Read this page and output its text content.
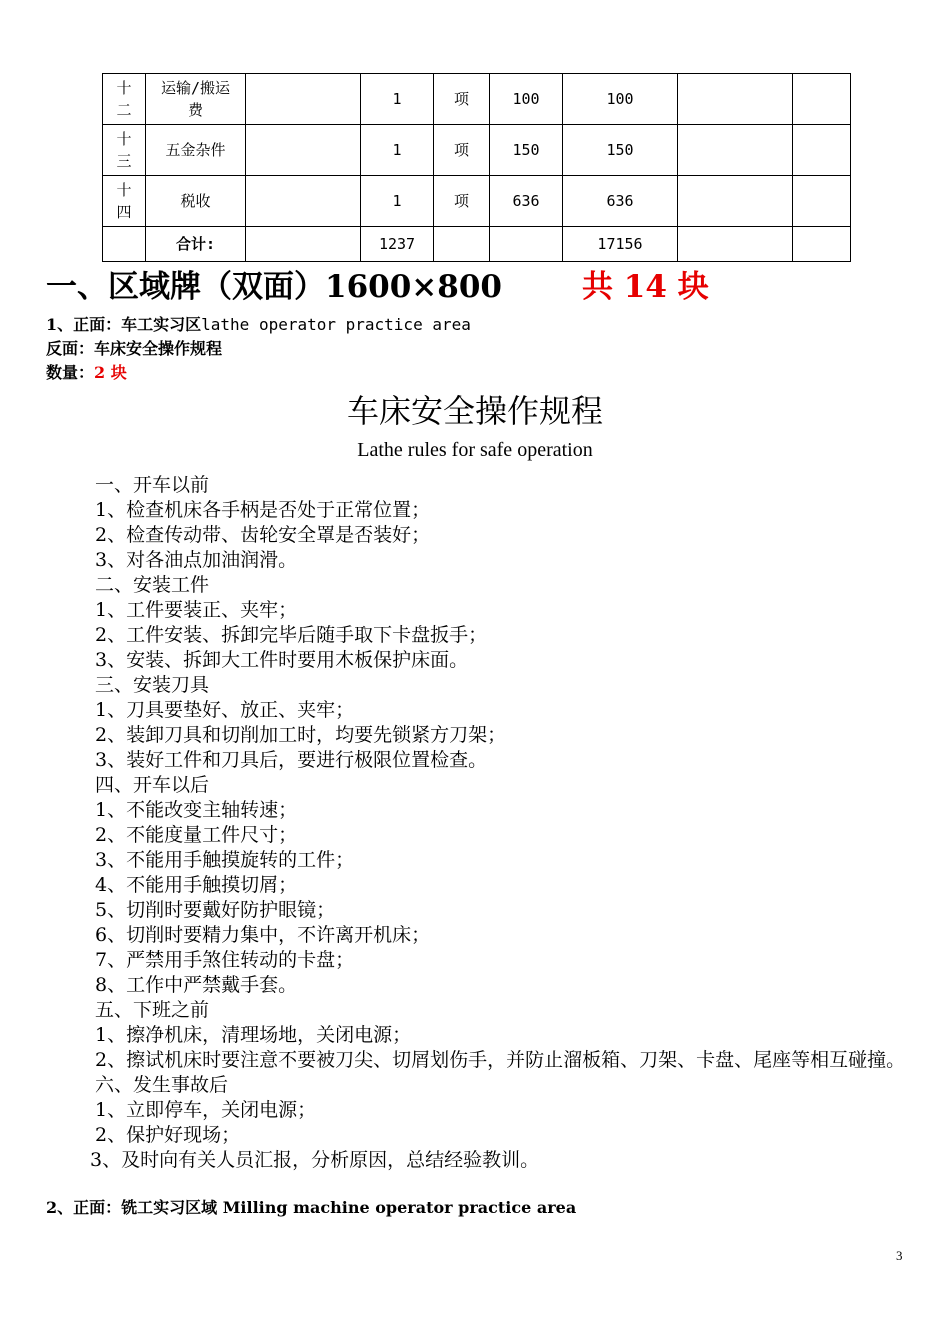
十二	运输/搬运费		1	项	100	100		
十三	五金杂件		1	项	150	150		
十四	税收		1	项	636	636		
	合计:		1237			17156		
一、区域牌（双面）1600×800	共 14 块
1、正面：车工实习区lathe operator practice area
反面：车床安全操作规程
数量：2 块
车床安全操作规程
Lathe rules for safe operation
一、开车以前
1、检查机床各手柄是否处于正常位置；
2、检查传动带、齿轮安全罩是否装好；
3、对各油点加油润滑。
二、安装工件
1、工件要装正、夹牢；
2、工件安装、拆卸完毕后随手取下卡盘扳手；
3、安装、拆卸大工件时要用木板保护床面。
三、安装刀具
1、刀具要垫好、放正、夹牢；
2、装卸刀具和切削加工时，均要先锁紧方刀架；
3、装好工件和刀具后，要进行极限位置检查。
四、开车以后
1、不能改变主轴转速；
2、不能度量工件尺寸；
3、不能用手触摸旋转的工件；
4、不能用手触摸切屑；
5、切削时要戴好防护眼镜；
6、切削时要精力集中，不许离开机床；
7、严禁用手煞住转动的卡盘；
8、工作中严禁戴手套。
五、下班之前
1、擦净机床，清理场地，关闭电源；
2、擦试机床时要注意不要被刀尖、切屑划伤手，并防止溜板箱、刀架、卡盘、尾座等相互碰撞。
六、发生事故后
1、立即停车，关闭电源；
2、保护好现场；
3、及时向有关人员汇报，分析原因，总结经验教训。
2、正面：铣工实习区域 Milling machine operator practice area
3
